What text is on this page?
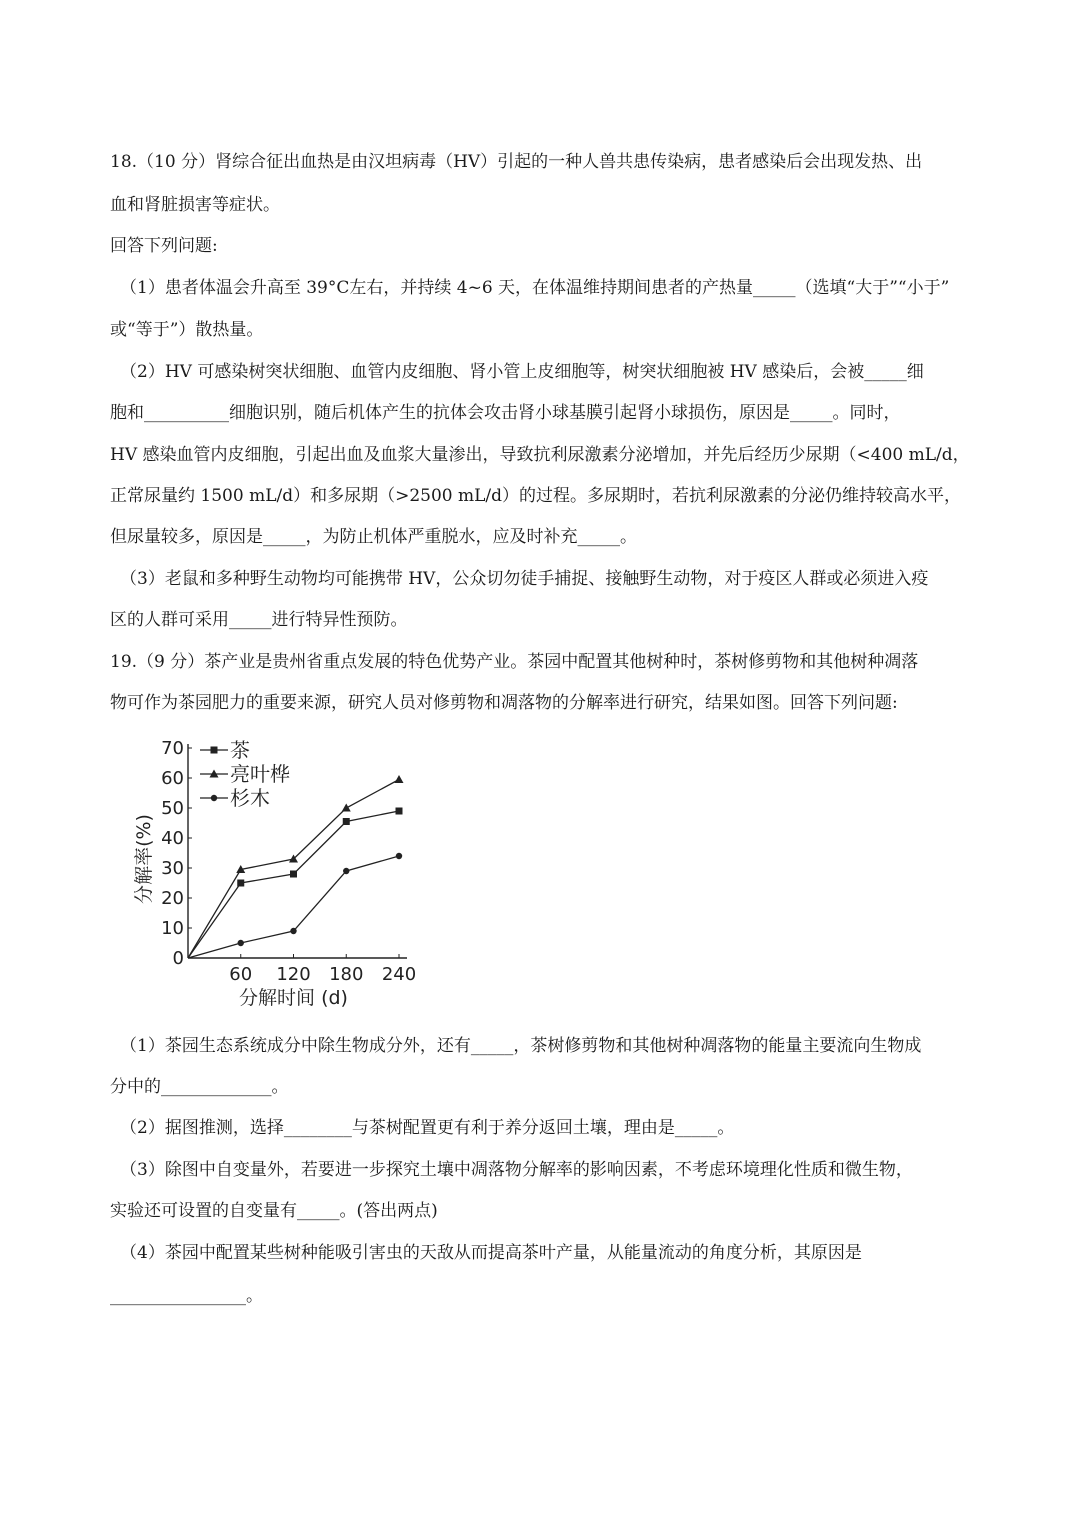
18.（10 分）肾综合征出血热是由汉坦病毒（HV）引起的一种人兽共患传染病，患者感染后会出现发热、出
血和肾脏损害等症状。
回答下列问题:
（1）患者体温会升高至 39°C左右，并持续 4~6 天，在体温维持期间患者的产热量_____（选填“大于”“小于”
或“等于”）散热量。
（2）HV 可感染树突状细胞、血管内皮细胞、肾小管上皮细胞等，树突状细胞被 HV 感染后，会被_____细
胞和__________细胞识别，随后机体产生的抗体会攻击肾小球基膜引起肾小球损伤，原因是_____。同时，
HV 感染血管内皮细胞，引起出血及血浆大量渗出，导致抗利尿激素分泌增加，并先后经历少尿期（<400 mL/d，
正常尿量约 1500 mL/d）和多尿期（>2500 mL/d）的过程。多尿期时，若抗利尿激素的分泌仍维持较高水平，
但尿量较多，原因是_____，为防止机体严重脱水，应及时补充_____。
（3）老鼠和多种野生动物均可能携带 HV，公众切勿徒手捕捉、接触野生动物，对于疫区人群或必须进入疫
区的人群可采用_____进行特异性预防。
19.（9 分）茶产业是贵州省重点发展的特色优势产业。茶园中配置其他树种时，茶树修剪物和其他树种凋落
物可作为茶园肥力的重要来源，研究人员对修剪物和凋落物的分解率进行研究，结果如图。回答下列问题:
0
10
20
30
40
50
60
70
60 120 180 240
分解时间 (d)
分解率(%)
茶
亮叶桦
杉木
（1）茶园生态系统成分中除生物成分外，还有_____，茶树修剪物和其他树种凋落物的能量主要流向生物成
分中的_____________。
（2）据图推测，选择________与茶树配置更有利于养分返回土壤，理由是_____。
（3）除图中自变量外，若要进一步探究土壤中凋落物分解率的影响因素，不考虑环境理化性质和微生物，
实验还可设置的自变量有_____。(答出两点)
（4）茶园中配置某些树种能吸引害虫的天敌从而提高茶叶产量，从能量流动的角度分析，其原因是
________________。
